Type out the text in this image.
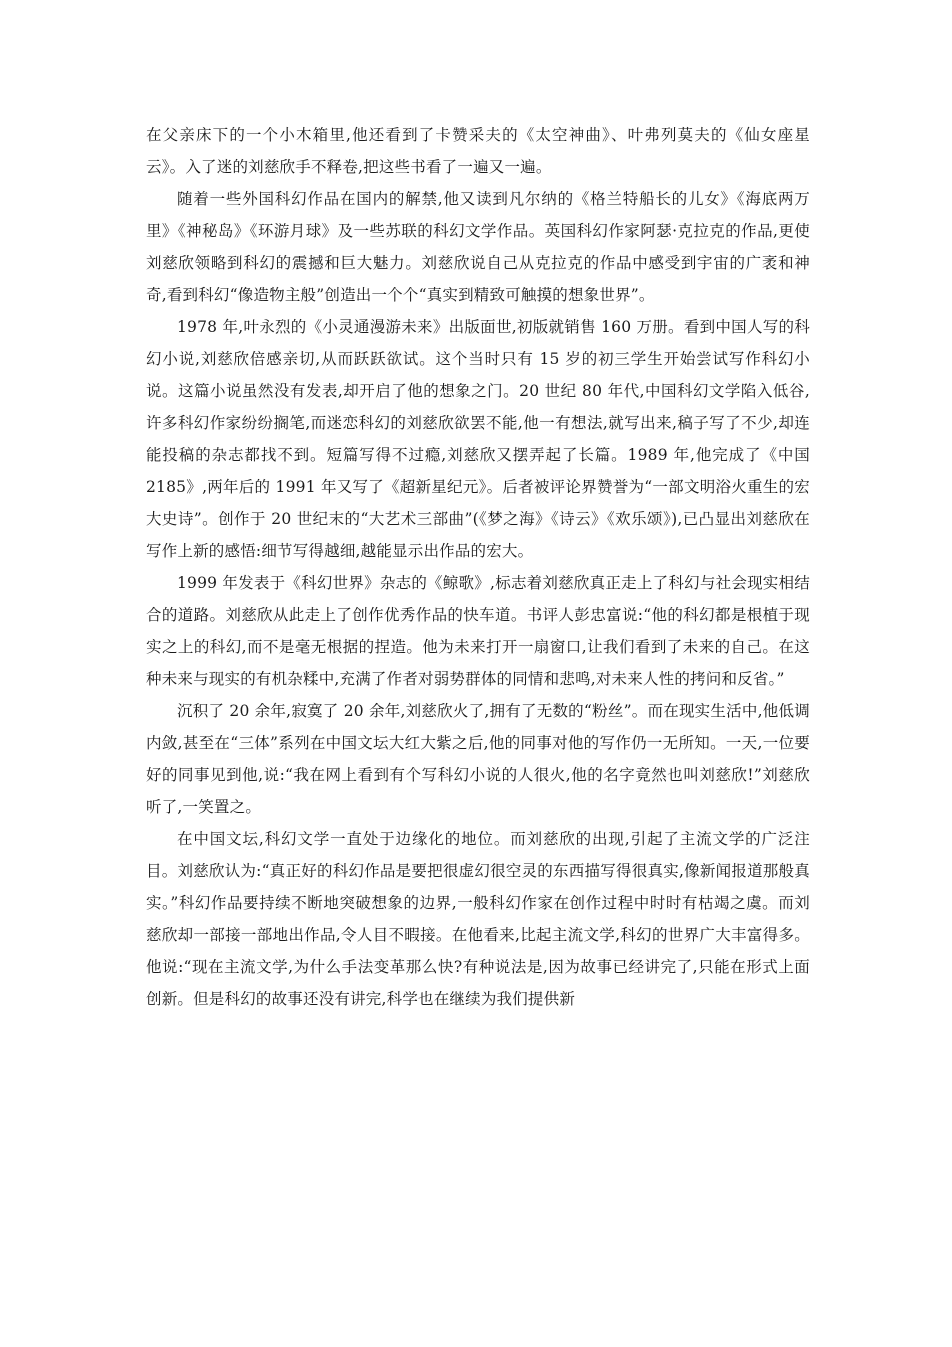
在父亲床下的一个小木箱里,他还看到了卡赞采夫的《太空神曲》、叶弗列莫夫的《仙女座星云》。入了迷的刘慈欣手不释卷,把这些书看了一遍又一遍。

随着一些外国科幻作品在国内的解禁,他又读到凡尔纳的《格兰特船长的儿女》《海底两万里》《神秘岛》《环游月球》及一些苏联的科幻文学作品。英国科幻作家阿瑟·克拉克的作品,更使刘慈欣领略到科幻的震撼和巨大魅力。刘慈欣说自己从克拉克的作品中感受到宇宙的广袤和神奇,看到科幻“像造物主般”创造出一个个“真实到精致可触摸的想象世界”。

1978 年,叶永烈的《小灵通漫游未来》出版面世,初版就销售 160 万册。看到中国人写的科幻小说,刘慈欣倍感亲切,从而跃跃欲试。这个当时只有 15 岁的初三学生开始尝试写作科幻小说。这篇小说虽然没有发表,却开启了他的想象之门。20 世纪 80 年代,中国科幻文学陷入低谷,许多科幻作家纷纷搁笔,而迷恋科幻的刘慈欣欲罢不能,他一有想法,就写出来,稿子写了不少,却连能投稿的杂志都找不到。短篇写得不过瘾,刘慈欣又摆弄起了长篇。1989 年,他完成了《中国 2185》,两年后的 1991 年又写了《超新星纪元》。后者被评论界赞誉为“一部文明浴火重生的宏大史诗”。创作于 20 世纪末的“大艺术三部曲”(《梦之海》《诗云》《欢乐颂》),已凸显出刘慈欣在写作上新的感悟:细节写得越细,越能显示出作品的宏大。

1999 年发表于《科幻世界》杂志的《鲸歌》,标志着刘慈欣真正走上了科幻与社会现实相结合的道路。刘慈欣从此走上了创作优秀作品的快车道。书评人彭忠富说:“他的科幻都是根植于现实之上的科幻,而不是毫无根据的捏造。他为未来打开一扇窗口,让我们看到了未来的自己。在这种未来与现实的有机杂糅中,充满了作者对弱势群体的同情和悲鸣,对未来人性的拷问和反省。”

沉积了 20 余年,寂寞了 20 余年,刘慈欣火了,拥有了无数的“粉丝”。而在现实生活中,他低调内敛,甚至在“三体”系列在中国文坛大红大紫之后,他的同事对他的写作仍一无所知。一天,一位要好的同事见到他,说:“我在网上看到有个写科幻小说的人很火,他的名字竟然也叫刘慈欣!”刘慈欣听了,一笑置之。

在中国文坛,科幻文学一直处于边缘化的地位。而刘慈欣的出现,引起了主流文学的广泛注目。刘慈欣认为:“真正好的科幻作品是要把很虚幻很空灵的东西描写得很真实,像新闻报道那般真实。”科幻作品要持续不断地突破想象的边界,一般科幻作家在创作过程中时时有枯竭之虞。而刘慈欣却一部接一部地出作品,令人目不暇接。在他看来,比起主流文学,科幻的世界广大丰富得多。他说:“现在主流文学,为什么手法变革那么快?有种说法是,因为故事已经讲完了,只能在形式上面创新。但是科幻的故事还没有讲完,科学也在继续为我们提供新
